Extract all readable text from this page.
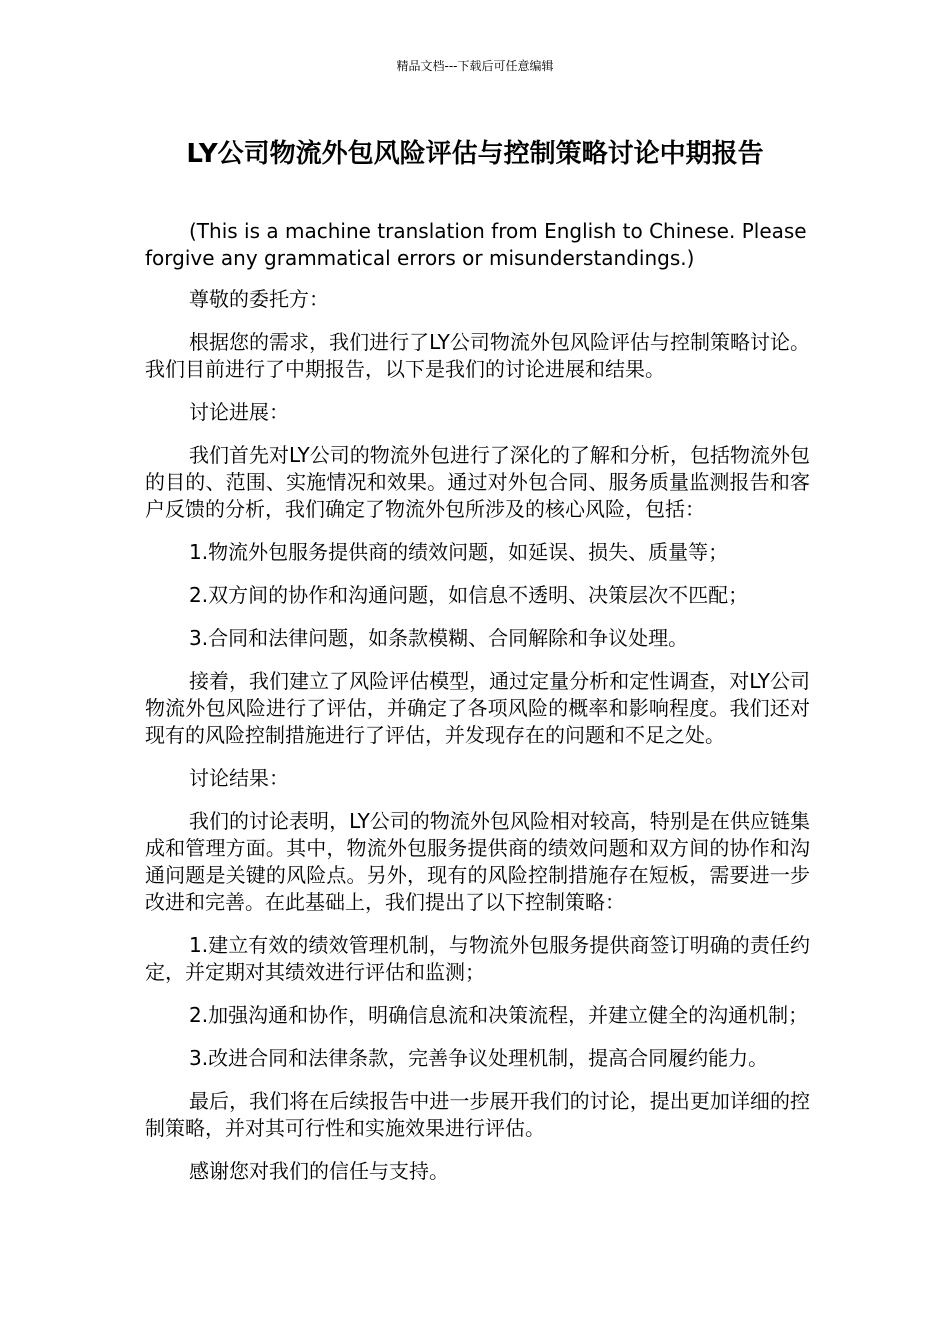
精品文档---下载后可任意编辑
LY公司物流外包风险评估与控制策略讨论中期报告

(This is a machine translation from English to Chinese. Please forgive any grammatical errors or misunderstandings.)

尊敬的委托方：

根据您的需求，我们进行了LY公司物流外包风险评估与控制策略讨论。我们目前进行了中期报告，以下是我们的讨论进展和结果。

讨论进展：

我们首先对LY公司的物流外包进行了深化的了解和分析，包括物流外包的目的、范围、实施情况和效果。通过对外包合同、服务质量监测报告和客户反馈的分析，我们确定了物流外包所涉及的核心风险，包括：

1.物流外包服务提供商的绩效问题，如延误、损失、质量等；

2.双方间的协作和沟通问题，如信息不透明、决策层次不匹配；

3.合同和法律问题，如条款模糊、合同解除和争议处理。

接着，我们建立了风险评估模型，通过定量分析和定性调查，对LY公司物流外包风险进行了评估，并确定了各项风险的概率和影响程度。我们还对现有的风险控制措施进行了评估，并发现存在的问题和不足之处。

讨论结果：

我们的讨论表明，LY公司的物流外包风险相对较高，特别是在供应链集成和管理方面。其中，物流外包服务提供商的绩效问题和双方间的协作和沟通问题是关键的风险点。另外，现有的风险控制措施存在短板，需要进一步改进和完善。在此基础上，我们提出了以下控制策略：

1.建立有效的绩效管理机制，与物流外包服务提供商签订明确的责任约定，并定期对其绩效进行评估和监测；

2.加强沟通和协作，明确信息流和决策流程，并建立健全的沟通机制；

3.改进合同和法律条款，完善争议处理机制，提高合同履约能力。

最后，我们将在后续报告中进一步展开我们的讨论，提出更加详细的控制策略，并对其可行性和实施效果进行评估。

感谢您对我们的信任与支持。
